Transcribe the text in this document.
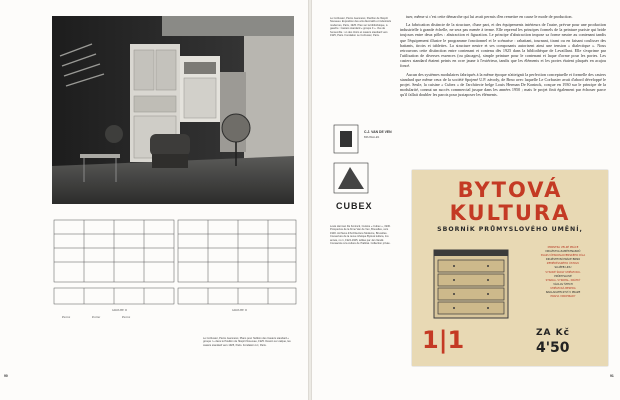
Le Corbusier, Pierre Jeanneret, Pavillon de l'Esprit Nouveau. Exposition des arts décoratifs et industriels modernes, Paris, 1925. Plan sur la bibliothèque, à gauche : Casiers standard « groupe II ». Vue de l'ensemble : un des tiroirs et casiers standard vers 1925, Paris. Fondation Le Corbusier, Paris.
GROUPE II	GROUPE II
Pierrot	Portier	Pierrot
Le Corbusier, Pierre Jeanneret, Plans pour l'édition des Casiers standard « groupe I » dans le Pavillon de l'Esprit Nouveau, 1925. Dessin sur calque, les casiers standard vers 1925, Paris. Fondation LC, Paris.
C.J. VAN DE VEN
BRUXELLES
CUBEX
Louis Herman De Koninck, Cuisine « Cubex », 1930. Prospectus de la firme Van de Ven, Bruxelles, vers 1930. Archives d'Architecture Moderne, Bruxelles. Couverture de la revue tchèque Bytová kultura, 1re année, no 1, 1924-1925, éditée par Jan Vaněk. Consacrée à la culture de l'habitat. Collection privée.

tuer, même si c'est cette démarche qui lui avait permis d'en remettre en cause le mode de production.

La fabrication distincte de la structure, d'une part, et des équipements intérieurs de l'autre, prévue pour une production industrielle à grande échelle, ne sera pas menée à terme. Elle reprend les principes formels de la peinture puriste qui bride toujours entre deux pôles : abstraction et figuration. Le principe d'abstraction impose sa forme neutre au contenant tandis que l'équipement illustre le programme fonctionnel et le scénarise : rabattant, tournant, tirant ou en faisant coulisser des battants, tiroirs et tablettes. La structure neutre et ses composants autorisent ainsi une tension « dialectique ». Nous retrouvons cette distinction entre contenant et contenu dès 1925 dans la bibliothèque de Levaillant. Elle s'exprime par l'utilisation de diverses essences (ou placages), simple peinture pour le contenant et laque d'orme pour les portes. Les casiers standard étaient peints en ocre jaune à l'extérieur, tandis que les éléments et les portes étaient plaqués en acajou foncé.

Aucun des systèmes modulaires fabriqués à la même époque n'atteignit la perfection conceptuelle et formelle des casiers standard que même ceux de la société Spojené U.P. závody, de Brno avec laquelle Le Corbusier avait d'abord développé le projet. Seule, la cuisine « Cubex » de l'architecte belge Louis Herman De Koninck, conçue en 1930 sur le principe de la modularité, connut un succès commercial jusque dans les années 1950 ; mais le projet finit également par échouer parce qu'il fallait doubler les parois pour juxtaposer les éléments.

BYTOVÁ
KULTURA
SBORNÍK PRŮMYSLOVÉHO UMĚNÍ,
MINISTRA VELKÉ PRÁCE
DRUŽSTVA ZAMĚSTNANCŮ
SVAZU ČESKOSLOVENSKÉHO DÍLA
DRUŽSTEVNÍ PRÁCE BRNO
ZEMĚDĚLSKÉHO ÚSTAVU
SLUŽEB LIDU
VYSOKÉ ŠKOLY UMĚLECKO-
PRŮMYSLOVÉ
STRAKA, VYKOPAL, KRÁTKÝ
VÁCLAV ŠTECH
UMĚLECKÁ BESEDA
NAKLADATELSTVÍ V PRAZE
PRAHA VINOHRADY
1|1	ZA Kč
4'50
90	91
